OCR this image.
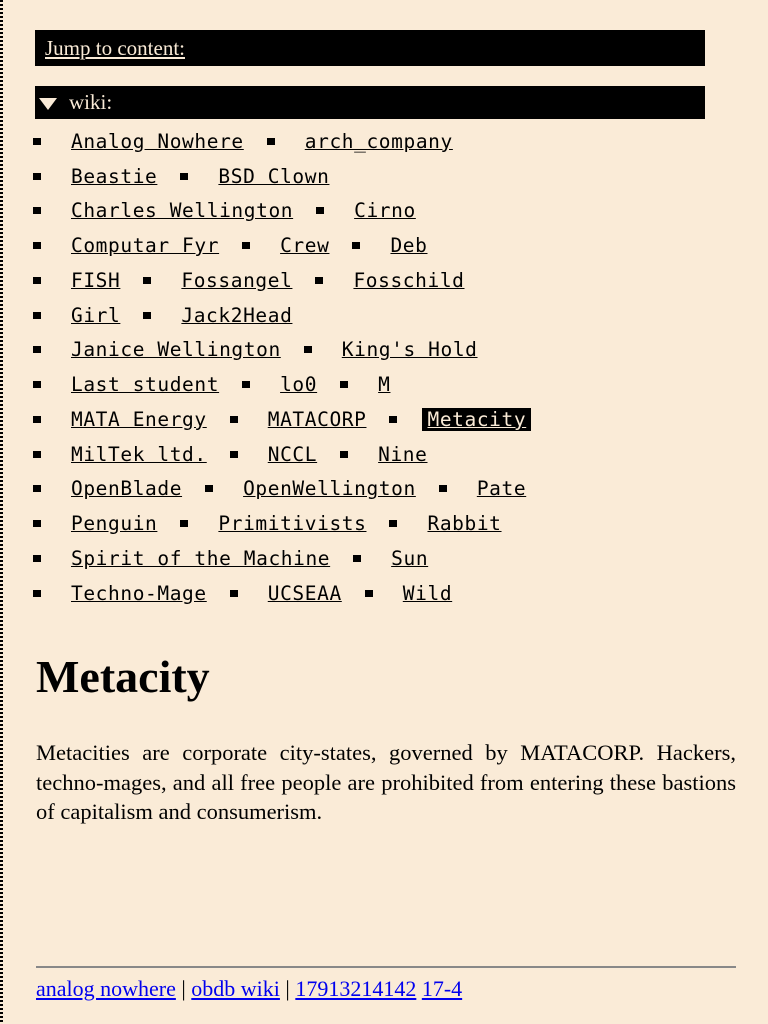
Jump to content:
wiki:
Analog Nowhere	arch_company
Beastie	BSD Clown
Charles Wellington	Cirno
Computar Fyr	Crew	Deb
FISH	Fossangel	Fosschild
Girl	Jack2Head
Janice Wellington	King's Hold
Last student	lo0	M
MATA Energy	MATACORP	Metacity
MilTek ltd.	NCCL	Nine
OpenBlade	OpenWellington	Pate
Penguin	Primitivists	Rabbit
Spirit of the Machine	Sun
Techno-Mage	UCSEAA	Wild
Metacity

Metacities are corporate city-states, governed by MATACORP. Hackers, techno-mages, and all free people are prohibited from entering these bastions of capitalism and consumerism.

analog nowhere | obdb wiki | 17913214142 17-4
